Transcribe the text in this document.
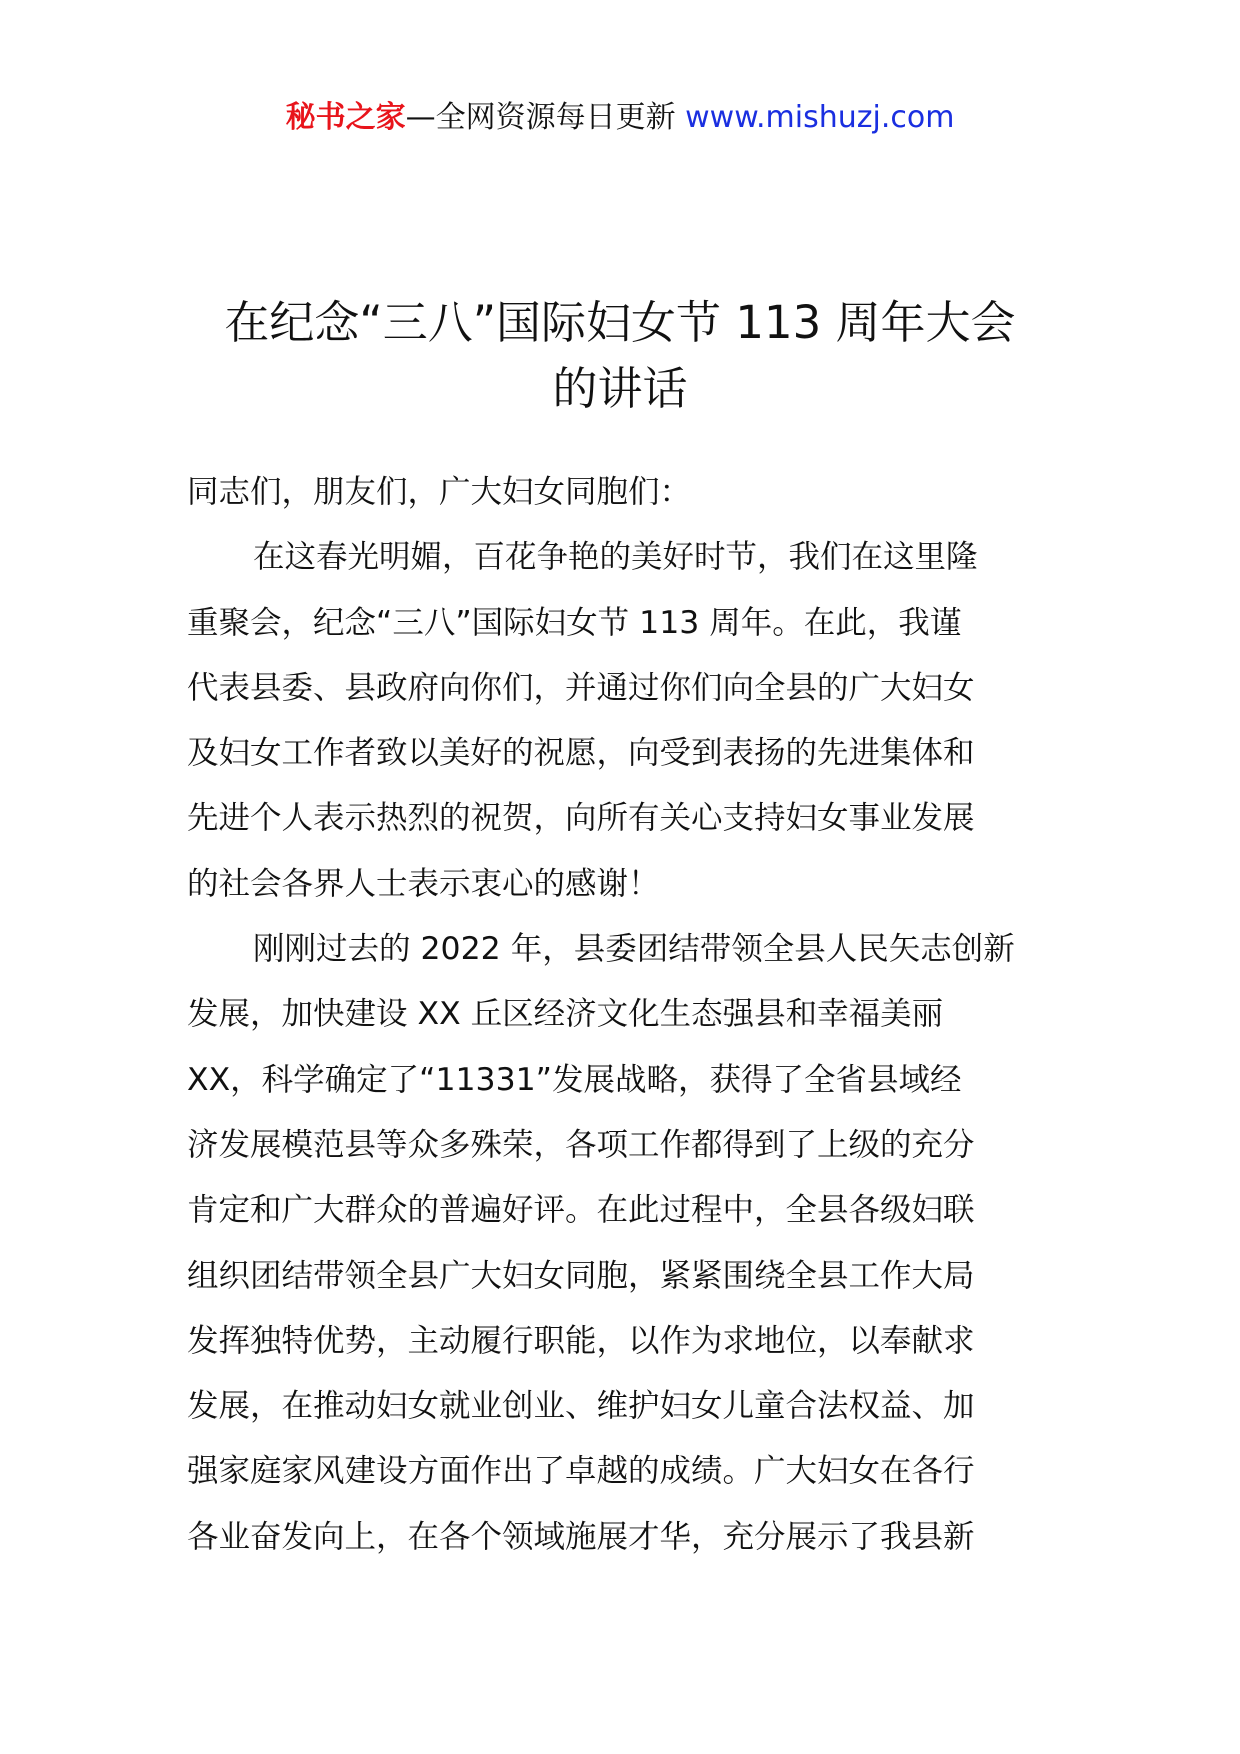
秘书之家—全网资源每日更新 www.mishuzj.com
在纪念“三八”国际妇女节 113 周年大会
的讲话

同志们，朋友们，广大妇女同胞们：

在这春光明媚，百花争艳的美好时节，我们在这里隆
重聚会，纪念“三八”国际妇女节 113 周年。在此，我谨
代表县委、县政府向你们，并通过你们向全县的广大妇女
及妇女工作者致以美好的祝愿，向受到表扬的先进集体和
先进个人表示热烈的祝贺，向所有关心支持妇女事业发展
的社会各界人士表示衷心的感谢！

刚刚过去的 2022 年，县委团结带领全县人民矢志创新
发展，加快建设 XX 丘区经济文化生态强县和幸福美丽
XX，科学确定了“11331”发展战略，获得了全省县域经
济发展模范县等众多殊荣，各项工作都得到了上级的充分
肯定和广大群众的普遍好评。在此过程中，全县各级妇联
组织团结带领全县广大妇女同胞，紧紧围绕全县工作大局
发挥独特优势，主动履行职能，以作为求地位，以奉献求
发展，在推动妇女就业创业、维护妇女儿童合法权益、加
强家庭家风建设方面作出了卓越的成绩。广大妇女在各行
各业奋发向上，在各个领域施展才华，充分展示了我县新
